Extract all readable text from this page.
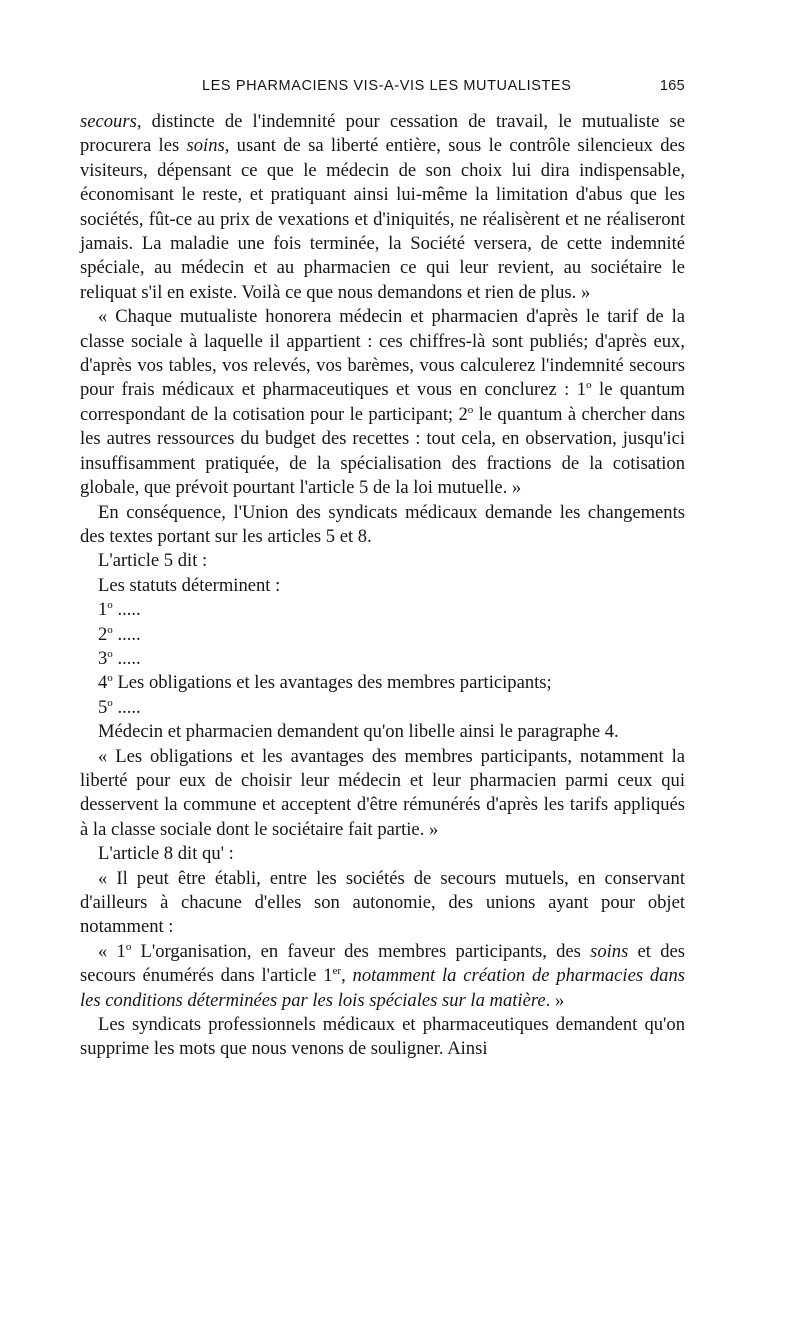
LES PHARMACIENS VIS-A-VIS LES MUTUALISTES	165

secours, distincte de l'indemnité pour cessation de travail, le mutualiste se procurera les soins, usant de sa liberté entière, sous le contrôle silencieux des visiteurs, dépensant ce que le médecin de son choix lui dira indispensable, économisant le reste, et pratiquant ainsi lui-même la limitation d'abus que les sociétés, fût-ce au prix de vexations et d'iniquités, ne réalisèrent et ne réaliseront jamais. La maladie une fois terminée, la Société versera, de cette indemnité spéciale, au médecin et au pharmacien ce qui leur revient, au sociétaire le reliquat s'il en existe. Voilà ce que nous demandons et rien de plus. »

« Chaque mutualiste honorera médecin et pharmacien d'après le tarif de la classe sociale à laquelle il appartient : ces chiffres-là sont publiés; d'après eux, d'après vos tables, vos relevés, vos barèmes, vous calculerez l'indemnité secours pour frais médicaux et pharmaceutiques et vous en conclurez : 1$^o$ le quantum correspondant de la cotisation pour le participant; 2$^o$ le quantum à chercher dans les autres ressources du budget des recettes : tout cela, en observation, jusqu'ici insuffisamment pratiquée, de la spécialisation des fractions de la cotisation globale, que prévoit pourtant l'article 5 de la loi mutuelle. »

En conséquence, l'Union des syndicats médicaux demande les changements des textes portant sur les articles 5 et 8.

L'article 5 dit :

Les statuts déterminent :

1$^o$ .....

2$^o$ .....

3$^o$ .....

4$^o$ Les obligations et les avantages des membres participants;

5$^o$ .....

Médecin et pharmacien demandent qu'on libelle ainsi le paragraphe 4.

« Les obligations et les avantages des membres participants, notamment la liberté pour eux de choisir leur médecin et leur pharmacien parmi ceux qui desservent la commune et acceptent d'être rémunérés d'après les tarifs appliqués à la classe sociale dont le sociétaire fait partie. »

L'article 8 dit qu' :

« Il peut être établi, entre les sociétés de secours mutuels, en conservant d'ailleurs à chacune d'elles son autonomie, des unions ayant pour objet notamment :

« 1$^o$ L'organisation, en faveur des membres participants, des soins et des secours énumérés dans l'article 1er, notamment la création de pharmacies dans les conditions déterminées par les lois spéciales sur la matière. »

Les syndicats professionnels médicaux et pharmaceutiques demandent qu'on supprime les mots que nous venons de souligner. Ainsi
